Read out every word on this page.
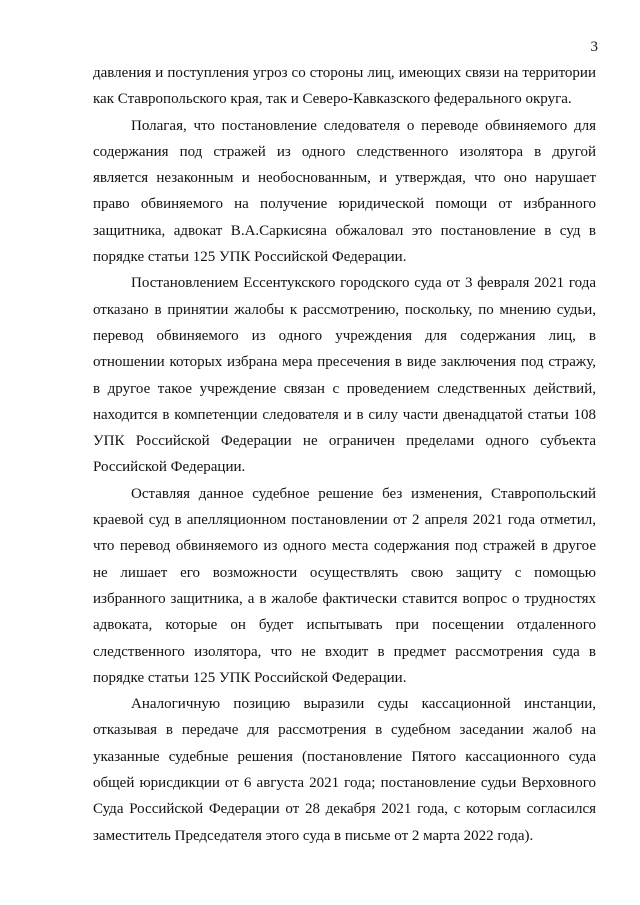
3

давления и поступления угроз со стороны лиц, имеющих связи на территории как Ставропольского края, так и Северо-Кавказского федерального округа.

Полагая, что постановление следователя о переводе обвиняемого для содержания под стражей из одного следственного изолятора в другой является незаконным и необоснованным, и утверждая, что оно нарушает право обвиняемого на получение юридической помощи от избранного защитника, адвокат В.А.Саркисяна обжаловал это постановление в суд в порядке статьи 125 УПК Российской Федерации.

Постановлением Ессентукского городского суда от 3 февраля 2021 года отказано в принятии жалобы к рассмотрению, поскольку, по мнению судьи, перевод обвиняемого из одного учреждения для содержания лиц, в отношении которых избрана мера пресечения в виде заключения под стражу, в другое такое учреждение связан с проведением следственных действий, находится в компетенции следователя и в силу части двенадцатой статьи 108 УПК Российской Федерации не ограничен пределами одного субъекта Российской Федерации.

Оставляя данное судебное решение без изменения, Ставропольский краевой суд в апелляционном постановлении от 2 апреля 2021 года отметил, что перевод обвиняемого из одного места содержания под стражей в другое не лишает его возможности осуществлять свою защиту с помощью избранного защитника, а в жалобе фактически ставится вопрос о трудностях адвоката, которые он будет испытывать при посещении отдаленного следственного изолятора, что не входит в предмет рассмотрения суда в порядке статьи 125 УПК Российской Федерации.

Аналогичную позицию выразили суды кассационной инстанции, отказывая в передаче для рассмотрения в судебном заседании жалоб на указанные судебные решения (постановление Пятого кассационного суда общей юрисдикции от 6 августа 2021 года; постановление судьи Верховного Суда Российской Федерации от 28 декабря 2021 года, с которым согласился заместитель Председателя этого суда в письме от 2 марта 2022 года).
